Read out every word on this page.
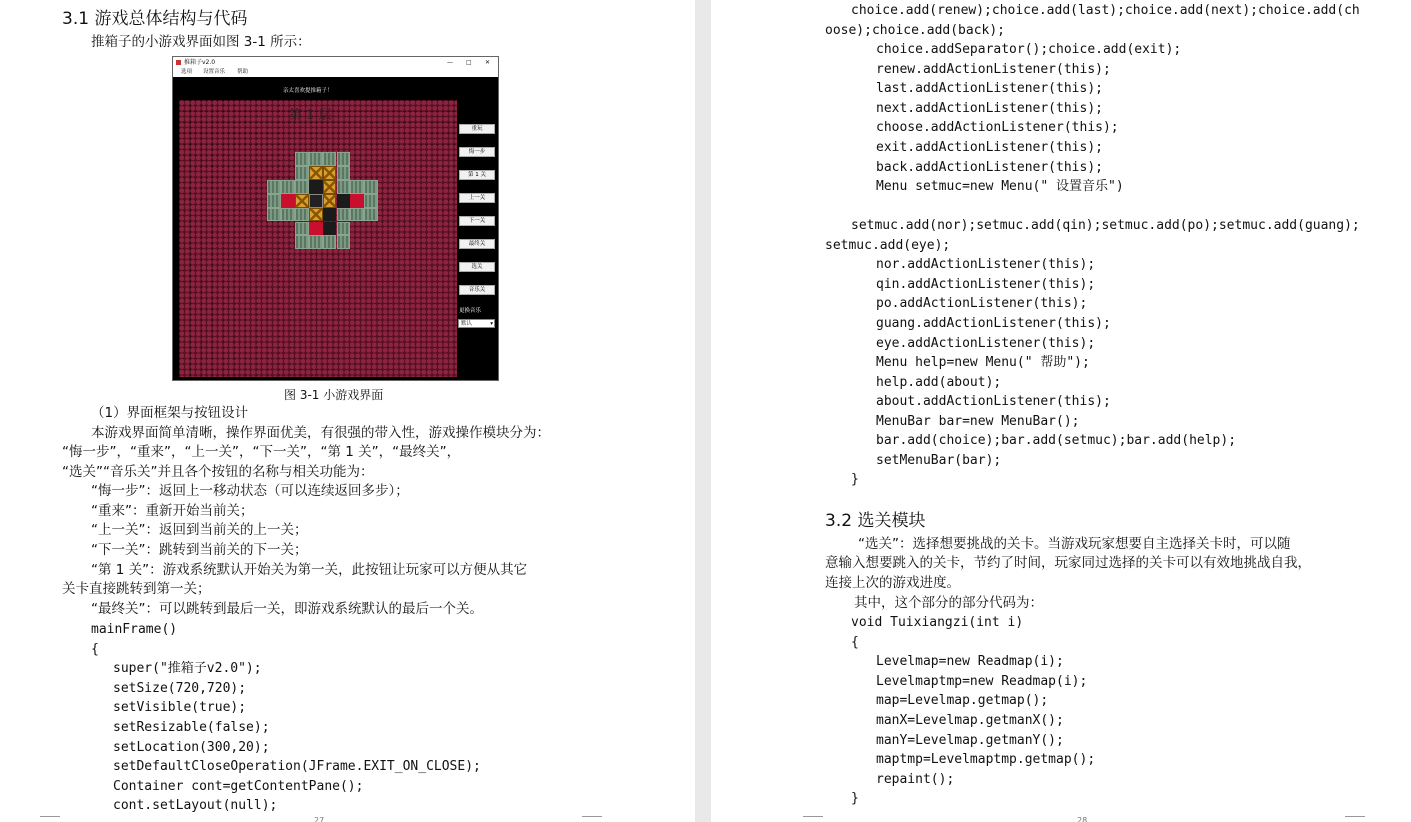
3.1 游戏总体结构与代码
推箱子的小游戏界面如图 3-1 所示：
推箱子v2.0	— □ ✕
选项 设置音乐 帮助
亲太喜欢提推箱子！
第 1 层
重玩
悔一步
第 1 关
上一关
下一关
最终关
选关
音乐关
更换音乐
默认	▾
图 3-1 小游戏界面
（1）界面框架与按钮设计
本游戏界面简单清晰，操作界面优美，有很强的带入性，游戏操作模块分为：
“悔一步”，“重来”，“上一关”，“下一关”，“第 1 关”，“最终关”，
“选关”“音乐关”并且各个按钮的名称与相关功能为：
“悔一步”：返回上一移动状态（可以连续返回多步）；
“重来”：重新开始当前关；
“上一关”：返回到当前关的上一关；
“下一关”：跳转到当前关的下一关；
“第 1 关”：游戏系统默认开始关为第一关，此按钮让玩家可以方便从其它
关卡直接跳转到第一关；
“最终关”：可以跳转到最后一关，即游戏系统默认的最后一个关。
mainFrame()
{
super("推箱子v2.0");
setSize(720,720);
setVisible(true);
setResizable(false);
setLocation(300,20);
setDefaultCloseOperation(JFrame.EXIT_ON_CLOSE);
Container cont=getContentPane();
cont.setLayout(null);
27
choice.add(renew);choice.add(last);choice.add(next);choice.add(ch
oose);choice.add(back);
choice.addSeparator();choice.add(exit);
renew.addActionListener(this);
last.addActionListener(this);
next.addActionListener(this);
choose.addActionListener(this);
exit.addActionListener(this);
back.addActionListener(this);
Menu setmuc=new Menu(" 设置音乐")
setmuc.add(nor);setmuc.add(qin);setmuc.add(po);setmuc.add(guang);
setmuc.add(eye);
nor.addActionListener(this);
qin.addActionListener(this);
po.addActionListener(this);
guang.addActionListener(this);
eye.addActionListener(this);
Menu help=new Menu(" 帮助");
help.add(about);
about.addActionListener(this);
MenuBar bar=new MenuBar();
bar.add(choice);bar.add(setmuc);bar.add(help);
setMenuBar(bar);
}
3.2 选关模块
“选关”：选择想要挑战的关卡。当游戏玩家想要自主选择关卡时，可以随
意输入想要跳入的关卡，节约了时间，玩家同过选择的关卡可以有效地挑战自我，
连接上次的游戏进度。
其中，这个部分的部分代码为：
void Tuixiangzi(int i)
{
Levelmap=new Readmap(i);
Levelmaptmp=new Readmap(i);
map=Levelmap.getmap();
manX=Levelmap.getmanX();
manY=Levelmap.getmanY();
maptmp=Levelmaptmp.getmap();
repaint();
}
28
